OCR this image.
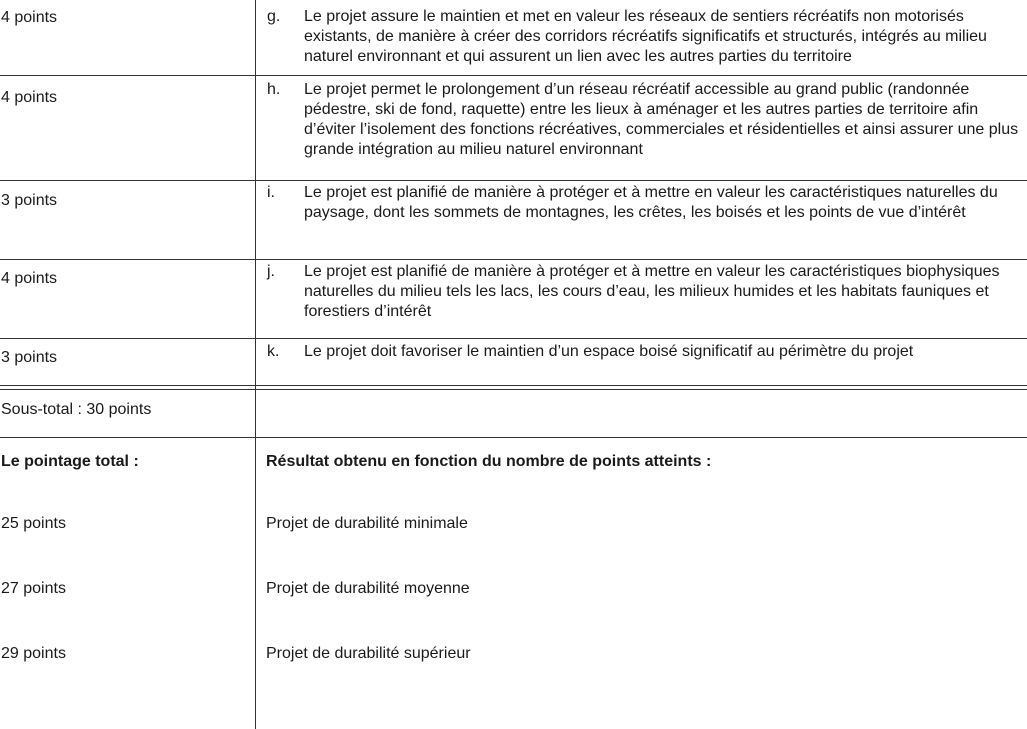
4 points	g. Le projet assure le maintien et met en valeur les réseaux de sentiers récréatifs non motorisés existants, de manière à créer des corridors récréatifs significatifs et structurés, intégrés au milieu naturel environnant et qui assurent un lien avec les autres parties du territoire
4 points	h. Le projet permet le prolongement d’un réseau récréatif accessible au grand public (randonnée pédestre, ski de fond, raquette) entre les lieux à aménager et les autres parties de territoire afin d’éviter l’isolement des fonctions récréatives, commerciales et résidentielles et ainsi assurer une plus grande intégration au milieu naturel environnant
3 points	i. Le projet est planifié de manière à protéger et à mettre en valeur les caractéristiques naturelles du paysage, dont les sommets de montagnes, les crêtes, les boisés et les points de vue d’intérêt
4 points	j. Le projet est planifié de manière à protéger et à mettre en valeur les caractéristiques biophysiques naturelles du milieu tels les lacs, les cours d’eau, les milieux humides et les habitats fauniques et forestiers d’intérêt
3 points	k. Le projet doit favoriser le maintien d’un espace boisé significatif au périmètre du projet
Sous-total : 30 points
Le pointage total :	Résultat obtenu en fonction du nombre de points atteints :
25 points	Projet de durabilité minimale
27 points	Projet de durabilité moyenne
29 points	Projet de durabilité supérieur
